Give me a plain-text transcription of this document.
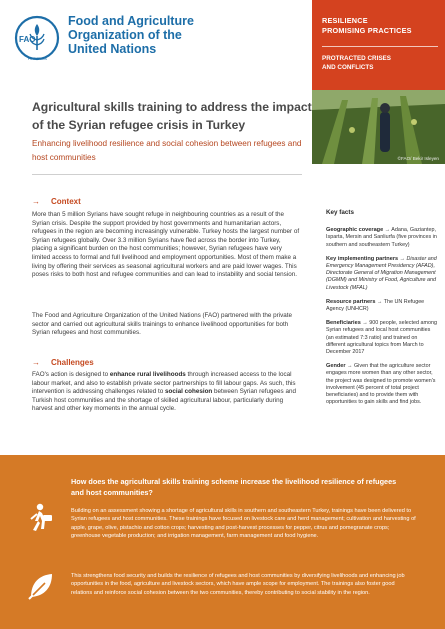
FAO
FIAT PANIS
Food and Agriculture
Organization of the
United Nations
RESILIENCE
PROMISING PRACTICES
PROTRACTED CRISES
AND CONFLICTS
©FAO/ Bekir Isleyen
Agricultural skills training to address the impact of the Syrian refugee crisis in Turkey
Enhancing livelihood resilience and social cohesion between refugees and host communities
→ Context

More than 5 million Syrians have sought refuge in neighbouring countries as a result of the Syrian crisis. Despite the support provided by host governments and humanitarian actors, refugees in the region are becoming increasingly vulnerable. Turkey hosts the largest number of Syrian refugees globally. Over 3.3 million Syrians have fled across the border into Turkey, placing a significant burden on the host communities; however, Syrian refugees have very limited access to formal and full livelihood and employment opportunities. Most of them make a living by offering their services as seasonal agricultural workers and are paid lower wages. This poses risks to both host and refugee communities and can lead to instability and social tension.

The Food and Agriculture Organization of the United Nations (FAO) partnered with the private sector and carried out agricultural skills trainings to enhance livelihood opportunities for both Syrian refugees and host communities.

→ Challenges

FAO's action is designed to enhance rural livelihoods through increased access to the local labour market, and also to establish private sector partnerships to fill labour gaps. As such, this intervention is addressing challenges related to social cohesion between Syrian refugees and Turkish host communities and the shortage of skilled agricultural labour, particularly during harvest and other key moments in the annual cycle.

Key facts
Geographic coverage → Adana, Gaziantep, Isparta, Mersin and Sanliurfa (five provinces in southern and southeastern Turkey)
Key implementing partners → Disaster and Emergency Management Presidency (AFAD), Directorate General of Migration Management (DGMM) and Ministry of Food, Agriculture and Livestock (MFAL)
Resource partners → The UN Refugee Agency (UNHCR)
Beneficiaries → 900 people, selected among Syrian refugees and local host communities (an estimated 7:3 ratio) and trained on different agricultural topics from March to December 2017
Gender → Given that the agriculture sector engages more women than any other sector, the project was designed to promote women's involvement (45 percent of total project beneficiaries) and to provide them with opportunities to gain skills and find jobs.
How does the agricultural skills training scheme increase the livelihood resilience of refugees and host communities?

Building on an assessment showing a shortage of agricultural skills in southern and southeastern Turkey, trainings have been delivered to Syrian refugees and host communities. These trainings have focused on livestock care and herd management; cultivation and harvesting of apple, grape, olive, pistachio and cotton crops; harvesting and post-harvest processes for pepper, citrus and pomegranate crops; greenhouse vegetable production; and irrigation management, farm management and food hygiene.

This strengthens food security and builds the resilience of refugees and host communities by diversifying livelihoods and enhancing job opportunities in the food, agriculture and livestock sectors, which have ample scope for employment. The trainings also foster good relations and reinforce social cohesion between the two communities, thereby contributing to social stability in the region.
